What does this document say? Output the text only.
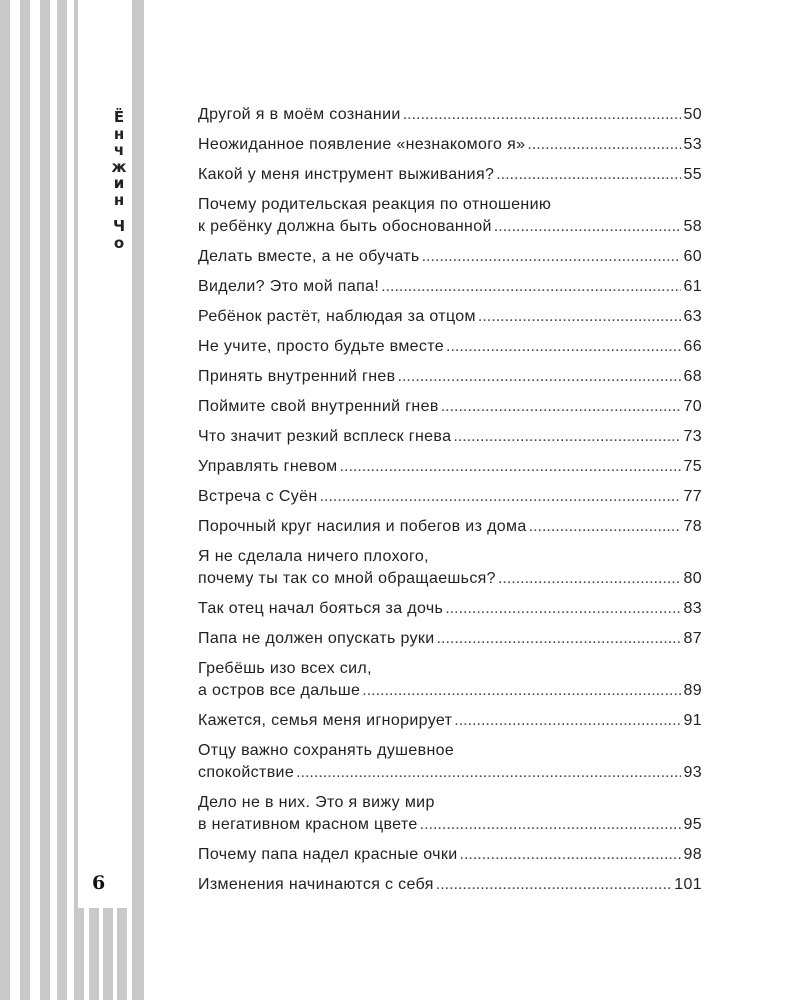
Ё
н
ч
ж
и
н
Ч
о
6
Другой я в моём сознании .....	50
Неожиданное появление «незнакомого я» .....	53
Какой у меня инструмент выживания? .....	55
Почему родительская реакция по отношению
к ребёнку должна быть обоснованной .....	58
Делать вместе, а не обучать .....	60
Видели? Это мой папа! .....	61
Ребёнок растёт, наблюдая за отцом .....	63
Не учите, просто будьте вместе .....	66
Принять внутренний гнев .....	68
Поймите свой внутренний гнев .....	70
Что значит резкий всплеск гнева .....	73
Управлять гневом .....	75
Встреча с Суён .....	77
Порочный круг насилия и побегов из дома .....	78
Я не сделала ничего плохого,
почему ты так со мной обращаешься? .....	80
Так отец начал бояться за дочь .....	83
Папа не должен опускать руки .....	87
Гребёшь изо всех сил,
а остров все дальше .....	89
Кажется, семья меня игнорирует .....	91
Отцу важно сохранять душевное
спокойствие .....	93
Дело не в них. Это я вижу мир
в негативном красном цвете .....	95
Почему папа надел красные очки .....	98
Изменения начинаются с себя .....	101
